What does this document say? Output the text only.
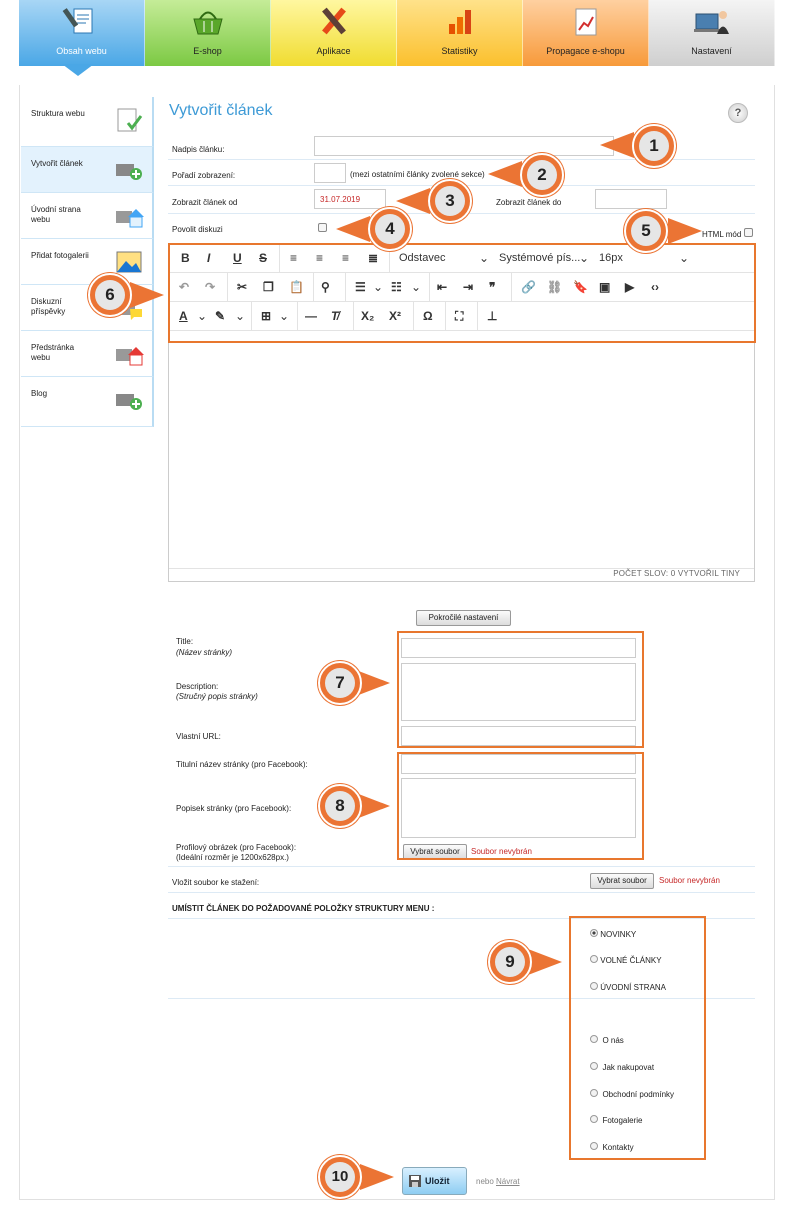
Obsah webu	E-shop	Aplikace	Statistiky	Propagace e-shopu	Nastavení
Struktura webu
Vytvořit článek
Úvodní strana webu
Přidat fotogalerii
Diskuzní příspěvky
Předstránka webu
Blog
Vytvořit článek	?
Nadpis článku:
Pořadí zobrazení:	(mezi ostatními články zvolené sekce)
Zobrazit článek od	31.07.2019	Zobrazit článek do
Povolit diskuzi
HTML mód
B I U S ≡ ≡ ≡ ≣ Odstavec	⌄ Systémové pís...
⌄ 16px	⌄
↶ ↷ ✂ ❐ 📋 ⚲ ☰ ⌄ ☷ ⌄ ⇤ ⇥ ❞ 🔗 ⛓ 🔖 ▣ ▶ ‹›
A ⌄ ✎ ⌄ ⊞ ⌄ — T̸ X₂ X² Ω ⛶ ⊥
POČET SLOV: 0 VYTVOŘIL TINY
Pokročilé nastavení
Title:
(Název stránky)
Description:
(Stručný popis stránky)
Vlastní URL:
Titulní název stránky (pro Facebook):
Popisek stránky (pro Facebook):
Profilový obrázek (pro Facebook):
(Ideální rozměr je 1200x628px.)
Vybrat soubor	Soubor nevybrán
Vložit soubor ke stažení:	Vybrat soubor	Soubor nevybrán
UMÍSTIT ČLÁNEK DO POŽADOVANÉ POLOŽKY STRUKTURY MENU :
NOVINKY
VOLNÉ ČLÁNKY
ÚVODNÍ STRANA
O nás
Jak nakupovat
Obchodní podmínky
Fotogalerie
Kontakty
Uložit	nebo Návrat
1
2
3
4	5
6
7
8
9
10
